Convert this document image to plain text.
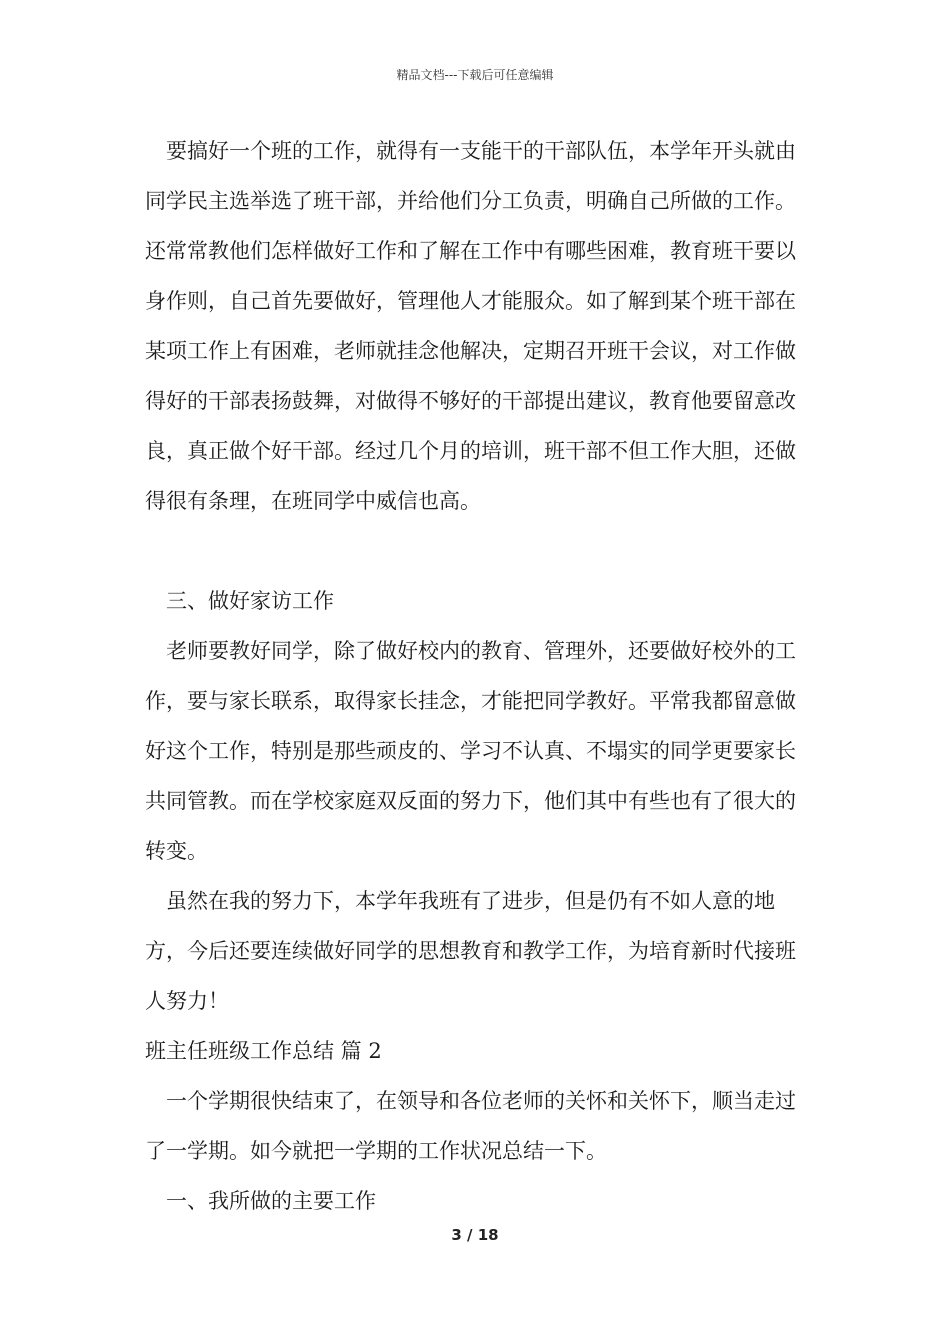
精品文档---下载后可任意编辑

要搞好一个班的工作，就得有一支能干的干部队伍，本学年开头就由同学民主选举选了班干部，并给他们分工负责，明确自己所做的工作。还常常教他们怎样做好工作和了解在工作中有哪些困难，教育班干要以身作则，自己首先要做好，管理他人才能服众。如了解到某个班干部在某项工作上有困难，老师就挂念他解决，定期召开班干会议，对工作做得好的干部表扬鼓舞，对做得不够好的干部提出建议，教育他要留意改良，真正做个好干部。经过几个月的培训，班干部不但工作大胆，还做得很有条理，在班同学中威信也高。

三、做好家访工作

老师要教好同学，除了做好校内的教育、管理外，还要做好校外的工作，要与家长联系，取得家长挂念，才能把同学教好。平常我都留意做好这个工作，特别是那些顽皮的、学习不认真、不塌实的同学更要家长共同管教。而在学校家庭双反面的努力下，他们其中有些也有了很大的转变。

虽然在我的努力下，本学年我班有了进步，但是仍有不如人意的地方，今后还要连续做好同学的思想教育和教学工作，为培育新时代接班人努力！

班主任班级工作总结 篇 2

一个学期很快结束了，在领导和各位老师的关怀和关怀下，顺当走过了一学期。如今就把一学期的工作状况总结一下。

一、我所做的主要工作

3 / 18
